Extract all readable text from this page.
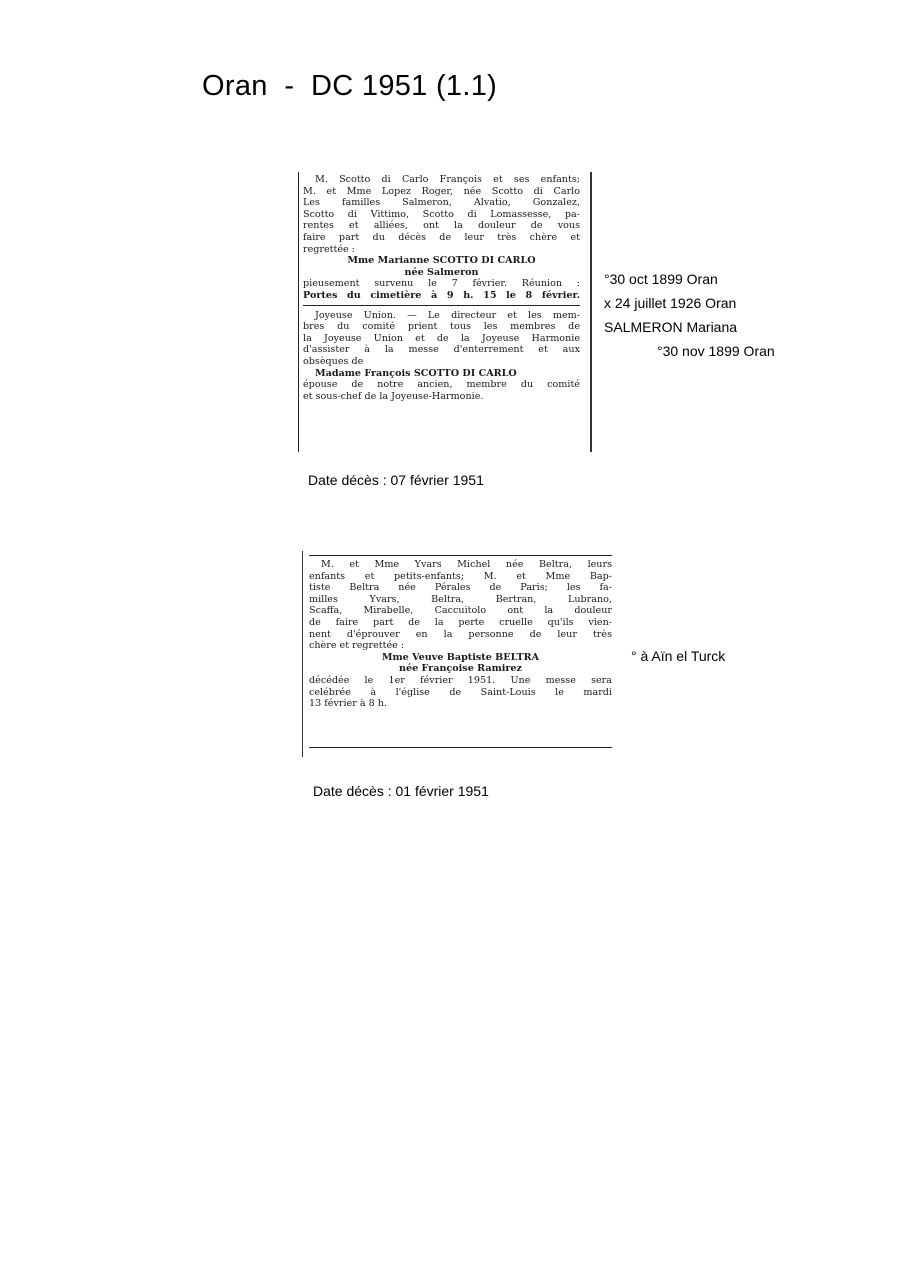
Oran  -  DC 1951 (1.1)

M. Scotto di Carlo François et ses enfants;

M. et Mme Lopez Roger, née Scotto di Carlo

Les familles Salmeron, Alvatio, Gonzalez,

Scotto di Vittimo, Scotto di Lomassesse, pa-

rentes et alliées, ont la douleur de vous

faire part du décès de leur très chère et

regrettée :

Mme Marianne SCOTTO DI CARLO

née Salmeron

pieusement survenu le 7 février. Réunion :

Portes du cimetière à 9 h. 15 le 8 février.

Joyeuse Union. — Le directeur et les mem-

bres du comité prient tous les membres de

la Joyeuse Union et de la Joyeuse Harmonie

d'assister à la messe d'enterrement et aux

obsèques de

Madame François SCOTTO DI CARLO

épouse de notre ancien, membre du comité

et sous-chef de la Joyeuse-Harmonie.

°30 oct 1899 Oran
x 24 juillet 1926 Oran
SALMERON Mariana
°30 nov 1899 Oran
Date décès : 07 février 1951

M. et Mme Yvars Michel née Beltra, leurs

enfants et petits-enfants; M. et Mme Bap-

tiste Beltra née Pérales de Paris; les fa-

milles Yvars, Beltra, Bertran, Lubrano,

Scaffa, Mirabelle, Caccuitolo ont la douleur

de faire part de la perte cruelle qu'ils vien-

nent d'éprouver en la personne de leur très

chère et regrettée :

Mme Veuve Baptiste BELTRA

née Françoise Ramirez

décédée le 1er février 1951. Une messe sera

celébrée à l'église de Saint-Louis le mardi

13 février à 8 h.

° à Aïn el Turck
Date décès : 01 février 1951
